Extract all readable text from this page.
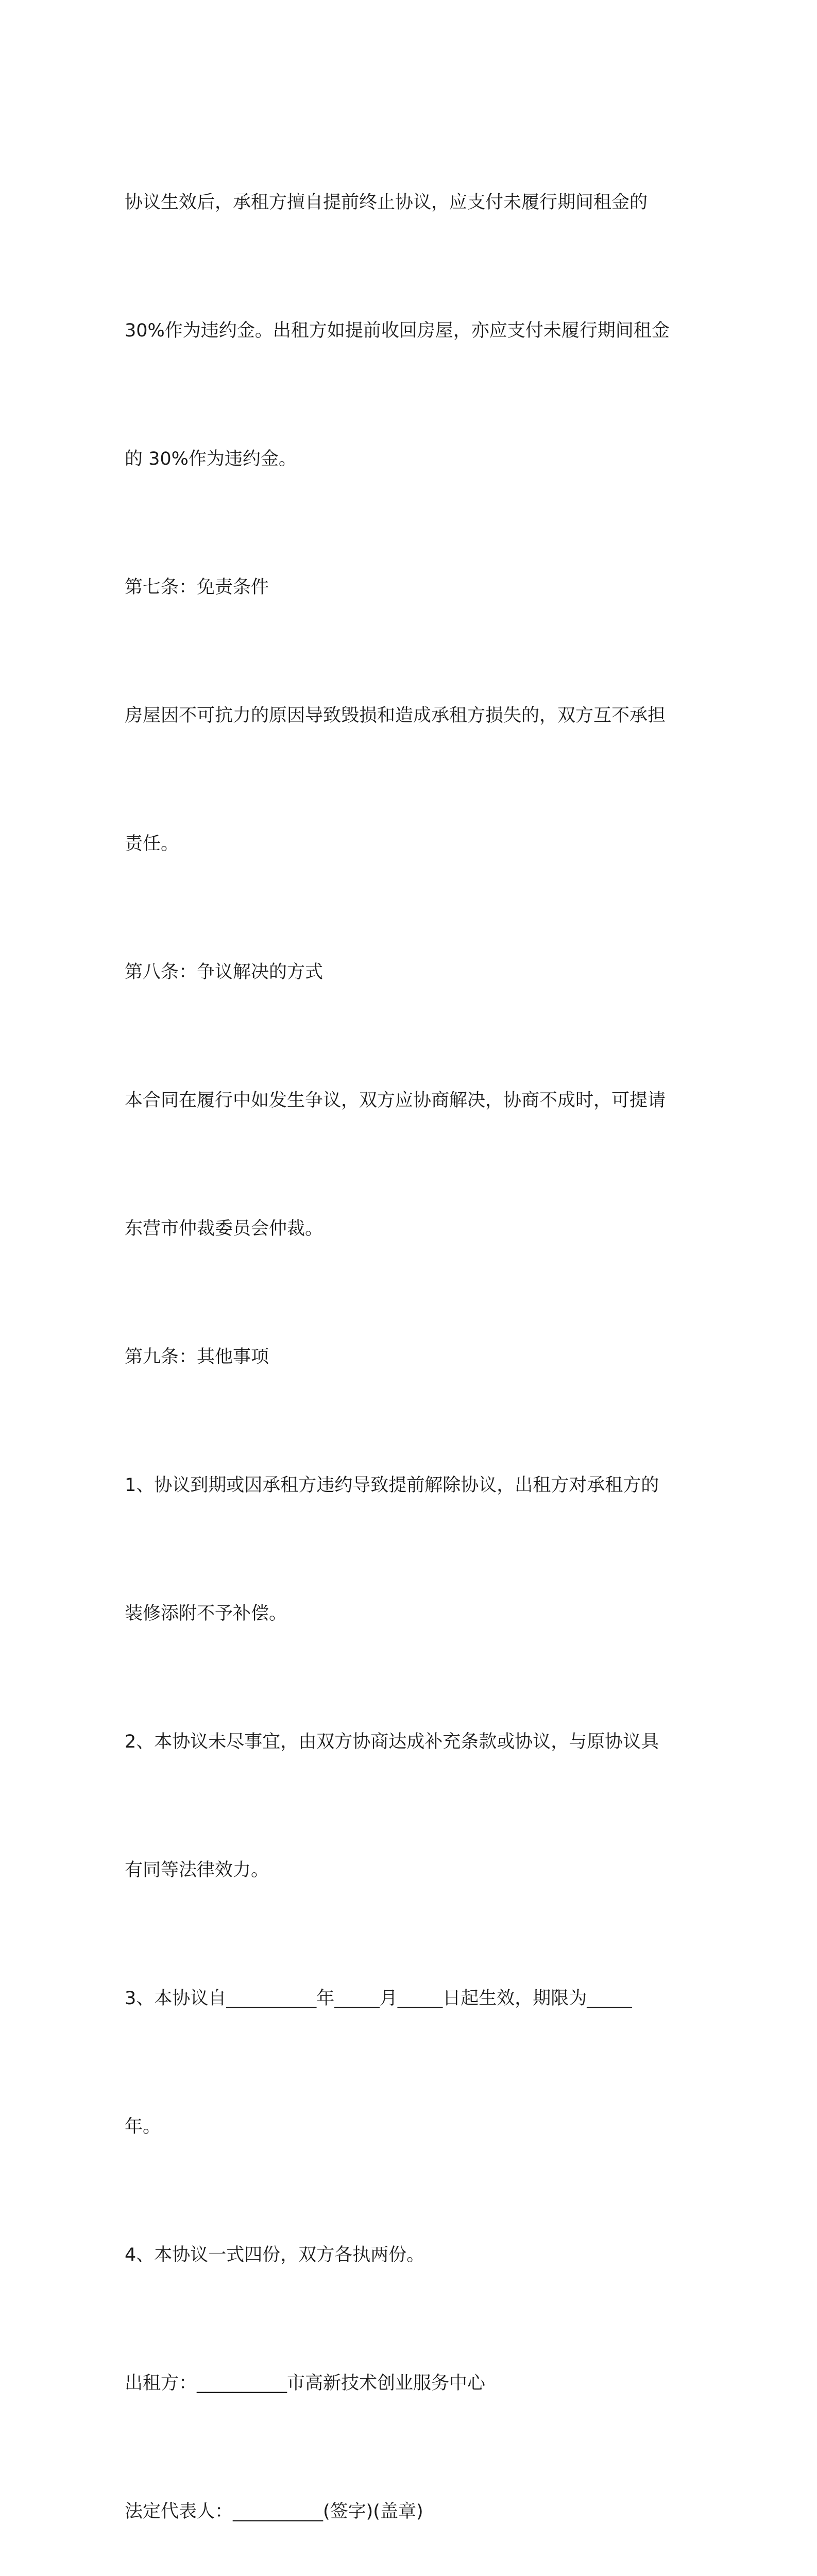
协议生效后，承租方擅自提前终止协议，应支付未履行期间租金的

30%作为违约金。出租方如提前收回房屋，亦应支付未履行期间租金

的 30%作为违约金。

第七条：免责条件

房屋因不可抗力的原因导致毁损和造成承租方损失的，双方互不承担

责任。

第八条：争议解决的方式

本合同在履行中如发生争议，双方应协商解决，协商不成时，可提请

东营市仲裁委员会仲裁。

第九条：其他事项

1、协议到期或因承租方违约导致提前解除协议，出租方对承租方的

装修添附不予补偿。

2、本协议未尽事宜，由双方协商达成补充条款或协议，与原协议具

有同等法律效力。

3、本协议自__________年_____月_____日起生效，期限为_____

年。

4、本协议一式四份，双方各执两份。

出租方：__________市高新技术创业服务中心

法定代表人：__________(签字)(盖章)
